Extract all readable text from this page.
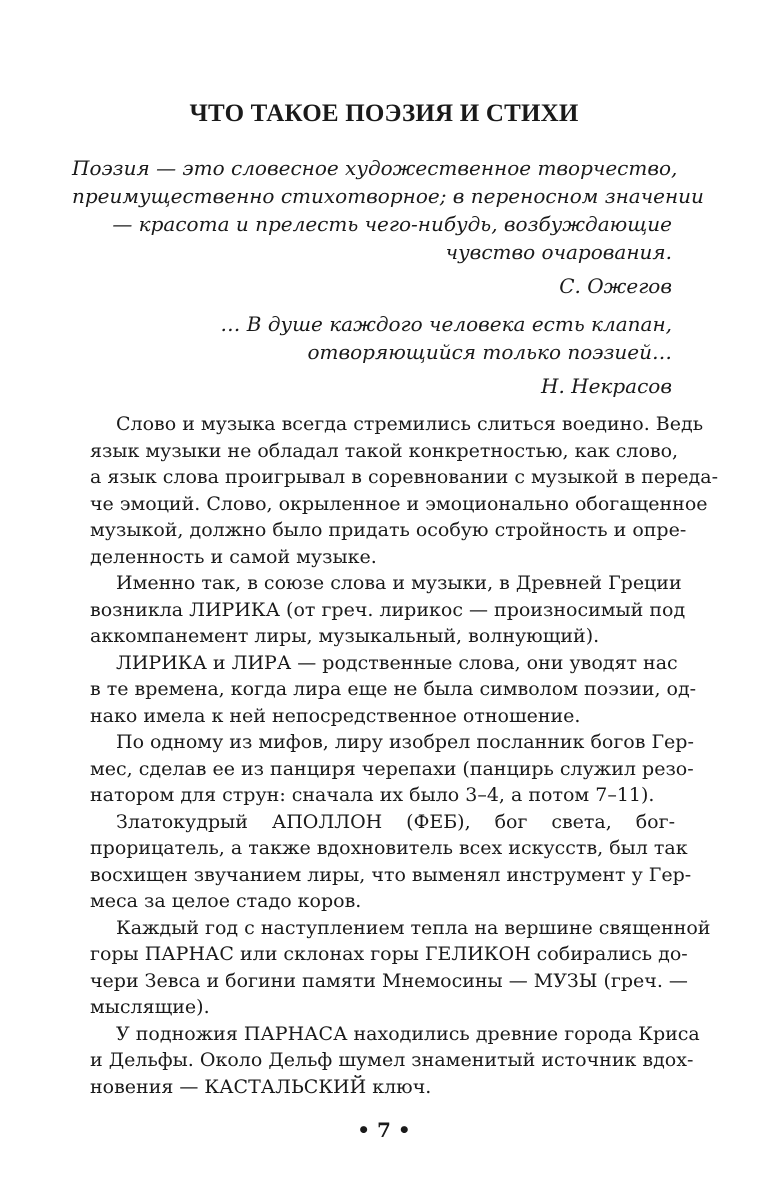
ЧТО ТАКОЕ ПОЭЗИЯ И СТИХИ
Поэзия — это словесное художественное творчество,
преимущественно стихотворное; в переносном значении
— красота и прелесть чего-нибудь, возбуждающие
чувство очарования.
С. Ожегов
… В душе каждого человека есть клапан,
отворяющийся только поэзией…
Н. Некрасов
Слово и музыка всегда стремились слиться воедино. Ведь
язык музыки не обладал такой конкретностью, как слово,
а язык слова проигрывал в соревновании с музыкой в переда-
че эмоций. Слово, окрыленное и эмоционально обогащенное
музыкой, должно было придать особую стройность и опре-
деленность и самой музыке.
Именно так, в союзе слова и музыки, в Древней Греции
возникла ЛИРИКА (от греч. лирикос — произносимый под
аккомпанемент лиры, музыкальный, волнующий).
ЛИРИКА и ЛИРА — родственные слова, они уводят нас
в те времена, когда лира еще не была символом поэзии, од-
нако имела к ней непосредственное отношение.
По одному из мифов, лиру изобрел посланник богов Гер-
мес, сделав ее из панциря черепахи (панцирь служил резо-
натором для струн: сначала их было 3–4, а потом 7–11).
Златокудрый АПОЛЛОН (ФЕБ), бог света, бог-
прорицатель, а также вдохновитель всех искусств, был так
восхищен звучанием лиры, что выменял инструмент у Гер-
меса за целое стадо коров.
Каждый год с наступлением тепла на вершине священной
горы ПАРНАС или склонах горы ГЕЛИКОН собирались до-
чери Зевса и богини памяти Мнемосины — МУЗЫ (греч. —
мыслящие).
У подножия ПАРНАСА находились древние города Криса
и Дельфы. Около Дельф шумел знаменитый источник вдох-
новения — КАСТАЛЬСКИЙ ключ.
• 7 •
